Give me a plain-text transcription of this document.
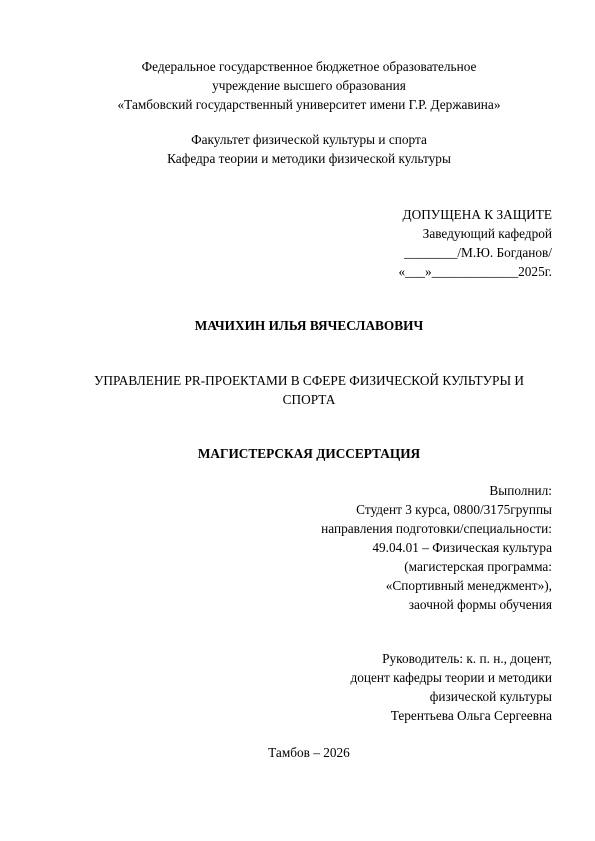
Федеральное государственное бюджетное образовательное
учреждение высшего образования
«Тамбовский государственный университет имени Г.Р. Державина»
Факультет физической культуры и спорта
Кафедра теории и методики физической культуры
ДОПУЩЕНА К ЗАЩИТЕ
Заведующий кафедрой
________/М.Ю. Богданов/
«___»_____________2025г.
МАЧИХИН ИЛЬЯ ВЯЧЕСЛАВОВИЧ
УПРАВЛЕНИЕ PR-ПРОЕКТАМИ В СФЕРЕ ФИЗИЧЕСКОЙ КУЛЬТУРЫ И
СПОРТА
МАГИСТЕРСКАЯ ДИССЕРТАЦИЯ
Выполнил:
Студент 3 курса, 0800/3175группы
направления подготовки/специальности:
49.04.01 – Физическая культура
(магистерская программа:
«Спортивный менеджмент»),
заочной формы обучения
Руководитель: к. п. н., доцент,
доцент кафедры теории и методики
физической культуры
Терентьева Ольга Сергеевна
Тамбов – 2026
